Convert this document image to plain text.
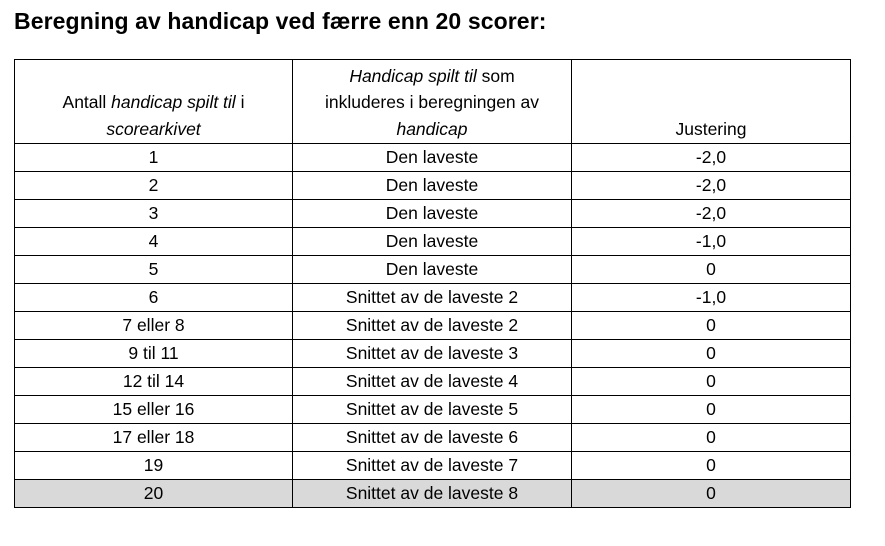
Beregning av handicap ved færre enn 20 scorer:
Antall handicap spilt til i
scorearkivet	Handicap spilt til som
inkluderes i beregningen av
handicap	Justering
1	Den laveste	-2,0
2	Den laveste	-2,0
3	Den laveste	-2,0
4	Den laveste	-1,0
5	Den laveste	0
6	Snittet av de laveste 2	-1,0
7 eller 8	Snittet av de laveste 2	0
9 til 11	Snittet av de laveste 3	0
12 til 14	Snittet av de laveste 4	0
15 eller 16	Snittet av de laveste 5	0
17 eller 18	Snittet av de laveste 6	0
19	Snittet av de laveste 7	0
20	Snittet av de laveste 8	0
